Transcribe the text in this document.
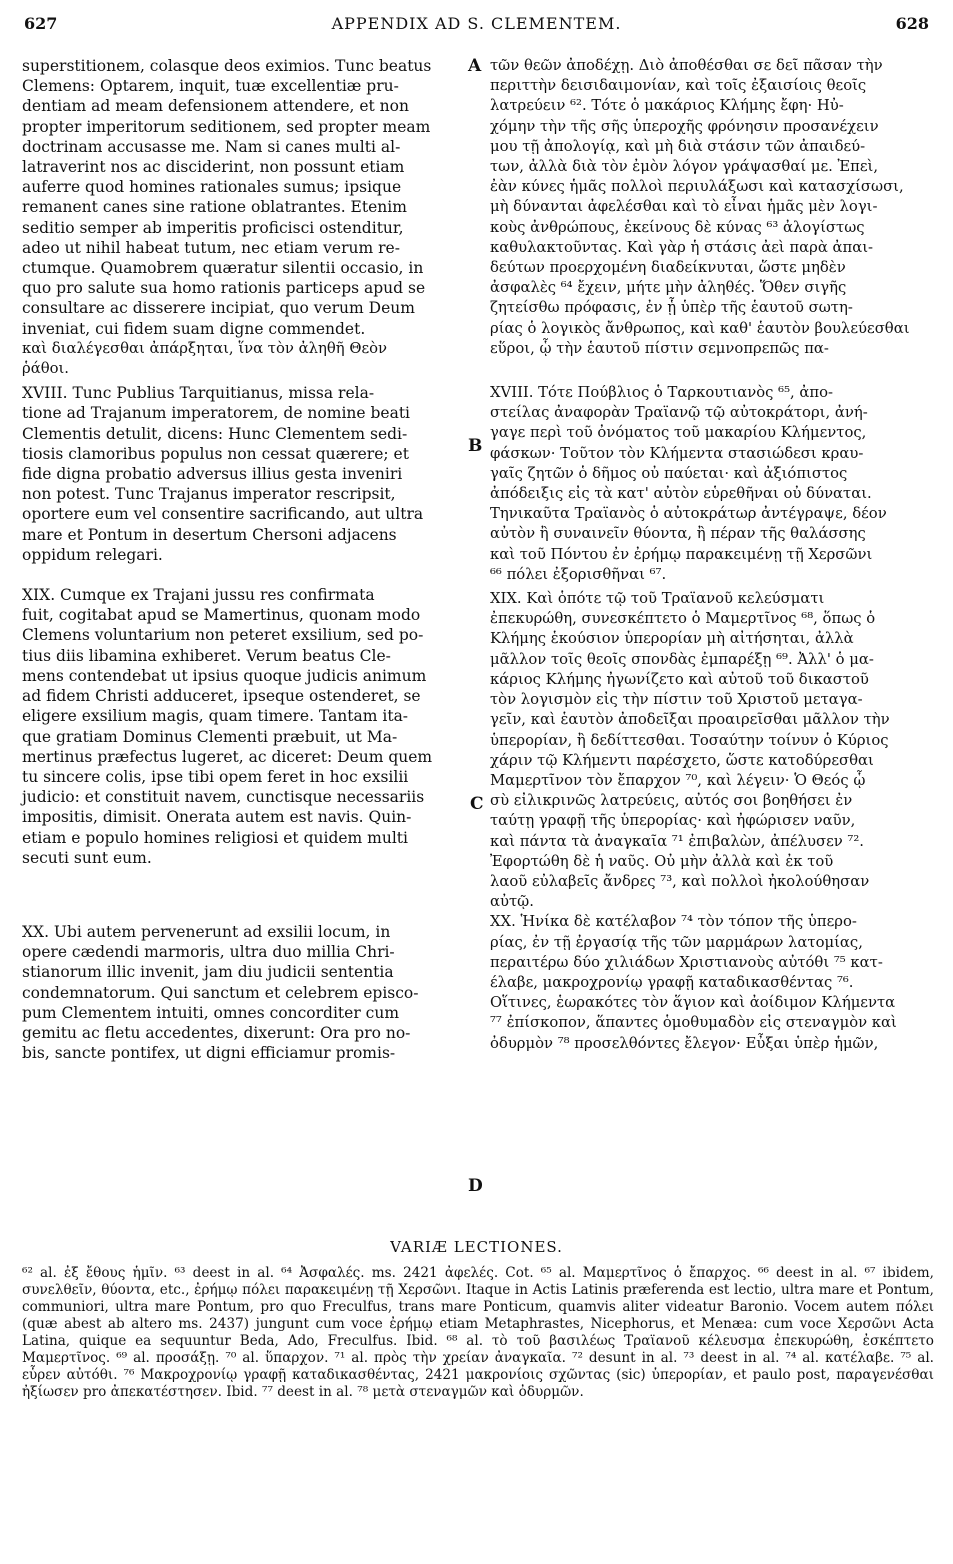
627	APPENDIX AD S. CLEMENTEM.	628

superstitionem, colasque deos eximios. Tunc beatus
Clemens: Optarem, inquit, tuæ excellentiæ pru-
dentiam ad meam defensionem attendere, et non
propter imperitorum seditionem, sed propter meam
doctrinam accusasse me. Nam si canes multi al-
latraverint nos ac disciderint, non possunt etiam
auferre quod homines rationales sumus; ipsique
remanent canes sine ratione oblatrantes. Etenim
seditio semper ab imperitis proficisci ostenditur,
adeo ut nihil habeat tutum, nec etiam verum re-
ctumque. Quamobrem quæratur silentii occasio, in
quo pro salute sua homo rationis particeps apud se
consultare ac disserere incipiat, quo verum Deum
inveniat, cui fidem suam digne commendet.

καὶ διαλέγεσθαι ἀπάρξηται, ἵνα τὸν ἀληθῆ Θεὸν
ῥάθοι.

XVIII. Tunc Publius Tarquitianus, missa rela-
tione ad Trajanum imperatorem, de nomine beati
Clementis detulit, dicens: Hunc Clementem sedi-
tiosis clamoribus populus non cessat quærere; et
fide digna probatio adversus illius gesta inveniri
non potest. Tunc Trajanus imperator rescripsit,
oportere eum vel consentire sacrificando, aut ultra
mare et Pontum in desertum Chersoni adjacens
oppidum relegari.

XIX. Cumque ex Trajani jussu res confirmata
fuit, cogitabat apud se Mamertinus, quonam modo
Clemens voluntarium non peteret exsilium, sed po-
tius diis libamina exhiberet. Verum beatus Cle-
mens contendebat ut ipsius quoque judicis animum
ad fidem Christi adduceret, ipseque ostenderet, se
eligere exsilium magis, quam timere. Tantam ita-
que gratiam Dominus Clementi præbuit, ut Ma-
mertinus præfectus lugeret, ac diceret: Deum quem
tu sincere colis, ipse tibi opem feret in hoc exsilii
judicio: et constituit navem, cunctisque necessariis
impositis, dimisit. Onerata autem est navis. Quin-
etiam e populo homines religiosi et quidem multi
secuti sunt eum.

XX. Ubi autem pervenerunt ad exsilii locum, in
opere cædendi marmoris, ultra duo millia Chri-
stianorum illic invenit, jam diu judicii sententia
condemnatorum. Qui sanctum et celebrem episco-
pum Clementem intuiti, omnes concorditer cum
gemitu ac fletu accedentes, dixerunt: Ora pro no-
bis, sancte pontifex, ut digni efficiamur promis-

τῶν θεῶν ἀποδέχῃ. Διὸ ἀποθέσθαι σε δεῖ πᾶσαν τὴν
περιττὴν δεισιδαιμονίαν, καὶ τοῖς ἐξαισίοις θεοῖς
λατρεύειν ⁶². Τότε ὁ μακάριος Κλήμης ἔφη· Ηὐ-
χόμην τὴν τῆς σῆς ὑπεροχῆς φρόνησιν προσανέχειν
μου τῇ ἀπολογίᾳ, καὶ μὴ διὰ στάσιν τῶν ἀπαιδεύ-
των, ἀλλὰ διὰ τὸν ἐμὸν λόγον γράψασθαί με. Ἐπεὶ,
ἐὰν κύνες ἡμᾶς πολλοὶ περιυλάξωσι καὶ κατασχίσωσι,
μὴ δύνανται ἀφελέσθαι καὶ τὸ εἶναι ἡμᾶς μὲν λογι-
κοὺς ἀνθρώπους, ἐκείνους δὲ κύνας ⁶³ ἀλογίστως
καθυλακτοῦντας. Καὶ γὰρ ἡ στάσις ἀεὶ παρὰ ἀπαι-
δεύτων προερχομένη διαδείκνυται, ὥστε μηδὲν
ἀσφαλὲς ⁶⁴ ἔχειν, μήτε μὴν ἀληθές. Ὅθεν σιγῆς
ζητείσθω πρόφασις, ἐν ᾗ ὑπὲρ τῆς ἑαυτοῦ σωτη-
ρίας ὁ λογικὸς ἄνθρωπος, καὶ καθ' ἑαυτὸν βουλεύεσθαι
εὕροι, ᾧ τὴν ἑαυτοῦ πίστιν σεμνοπρεπῶς πα-

XVIII. Τότε Πούβλιος ὁ Ταρκουτιανὸς ⁶⁵, ἀπο-
στείλας ἀναφορὰν Τραϊανῷ τῷ αὐτοκράτορι, ἀνή-
γαγε περὶ τοῦ ὀνόματος τοῦ μακαρίου Κλήμεντος,
φάσκων· Τοῦτον τὸν Κλήμεντα στασιώδεσι κραυ-
γαῖς ζητῶν ὁ δῆμος οὐ παύεται· καὶ ἀξιόπιστος
ἀπόδειξις εἰς τὰ κατ' αὐτὸν εὑρεθῆναι οὐ δύναται.
Τηνικαῦτα Τραϊανὸς ὁ αὐτοκράτωρ ἀντέγραψε, δέον
αὐτὸν ἢ συναινεῖν θύοντα, ἢ πέραν τῆς θαλάσσης
καὶ τοῦ Πόντου ἐν ἐρήμῳ παρακειμένῃ τῇ Χερσῶνι
⁶⁶ πόλει ἐξορισθῆναι ⁶⁷.

XIX. Καὶ ὁπότε τῷ τοῦ Τραϊανοῦ κελεύσματι
ἐπεκυρώθη, συνεσκέπτετο ὁ Μαμερτῖνος ⁶⁸, ὅπως ὁ
Κλήμης ἑκούσιον ὑπερορίαν μὴ αἰτήσηται, ἀλλὰ
μᾶλλον τοῖς θεοῖς σπονδὰς ἐμπαρέξῃ ⁶⁹. Ἀλλ' ὁ μα-
κάριος Κλήμης ἠγωνίζετο καὶ αὐτοῦ τοῦ δικαστοῦ
τὸν λογισμὸν εἰς τὴν πίστιν τοῦ Χριστοῦ μεταγα-
γεῖν, καὶ ἑαυτὸν ἀποδεῖξαι προαιρεῖσθαι μᾶλλον τὴν
ὑπερορίαν, ἢ δεδίττεσθαι. Τοσαύτην τοίνυν ὁ Κύριος
χάριν τῷ Κλήμεντι παρέσχετο, ὥστε κατοδύρεσθαι
Μαμερτῖνον τὸν ἔπαρχον ⁷⁰, καὶ λέγειν· Ὁ Θεός ᾧ
σὺ εἰλικρινῶς λατρεύεις, αὐτός σοι βοηθήσει ἐν
ταύτῃ γραφῇ τῆς ὑπερορίας· καὶ ἠφώρισεν ναῦν,
καὶ πάντα τὰ ἀναγκαῖα ⁷¹ ἐπιβαλὼν, ἀπέλυσεν ⁷².
Ἐφορτώθη δὲ ἡ ναῦς. Οὐ μὴν ἀλλὰ καὶ ἐκ τοῦ
λαοῦ εὐλαβεῖς ἄνδρες ⁷³, καὶ πολλοὶ ἠκολούθησαν
αὐτῷ.

XX. Ἡνίκα δὲ κατέλαβον ⁷⁴ τὸν τόπον τῆς ὑπερο-
ρίας, ἐν τῇ ἐργασίᾳ τῆς τῶν μαρμάρων λατομίας,
περαιτέρω δύο χιλιάδων Χριστιανοὺς αὐτόθι ⁷⁵ κατ-
έλαβε, μακροχρονίῳ γραφῇ καταδικασθέντας ⁷⁶.
Οἵτινες, ἑωρακότες τὸν ἅγιον καὶ ἀοίδιμον Κλήμεντα
⁷⁷ ἐπίσκοπον, ἅπαντες ὁμοθυμαδὸν εἰς στεναγμὸν καὶ
ὀδυρμὸν ⁷⁸ προσελθόντες ἔλεγον· Εὖξαι ὑπὲρ ἡμῶν,

A
B
C
D
VARIÆ LECTIONES.

⁶² al. ἐξ ἔθους ἡμῖν. ⁶³ deest in al. ⁶⁴ Ἀσφαλές. ms. 2421 ἀφελές. Cot. ⁶⁵ al. Μαμερτῖνος ὁ ἔπαρχος. ⁶⁶ deest in al. ⁶⁷ ibidem, συνελθεῖν, θύοντα, etc., ἐρήμῳ πόλει παρακειμένῃ τῇ Χερσῶνι. Itaque in Actis Latinis præferenda est lectio, ultra mare et Pontum, communiori, ultra mare Pontum, pro quo Freculfus, trans mare Ponticum, quamvis aliter videatur Baronio. Vocem autem πόλει (quæ abest ab altero ms. 2437) jungunt cum voce ἐρήμῳ etiam Metaphrastes, Nicephorus, et Menæa: cum voce Χερσῶνι Acta Latina, quique ea sequuntur Beda, Ado, Freculfus. Ibid. ⁶⁸ al. τὸ τοῦ βασιλέως Τραϊανοῦ κέλευσμα ἐπεκυρώθη, ἐσκέπτετο Μαμερτῖνος. ⁶⁹ al. προσάξῃ. ⁷⁰ al. ὕπαρχον. ⁷¹ al. πρὸς τὴν χρείαν ἀναγκαῖα. ⁷² desunt in al. ⁷³ deest in al. ⁷⁴ al. κατέλαβε. ⁷⁵ al. εὗρεν αὐτόθι. ⁷⁶ Μακροχρονίῳ γραφῇ καταδικασθέντας, 2421 μακρονίοις σχῶντας (sic) ὑπερορίαν, et paulo post, παραγενέσθαι ἠξίωσεν pro ἀπεκατέστησεν. Ibid. ⁷⁷ deest in al. ⁷⁸ μετὰ στεναγμῶν καὶ ὀδυρμῶν.
